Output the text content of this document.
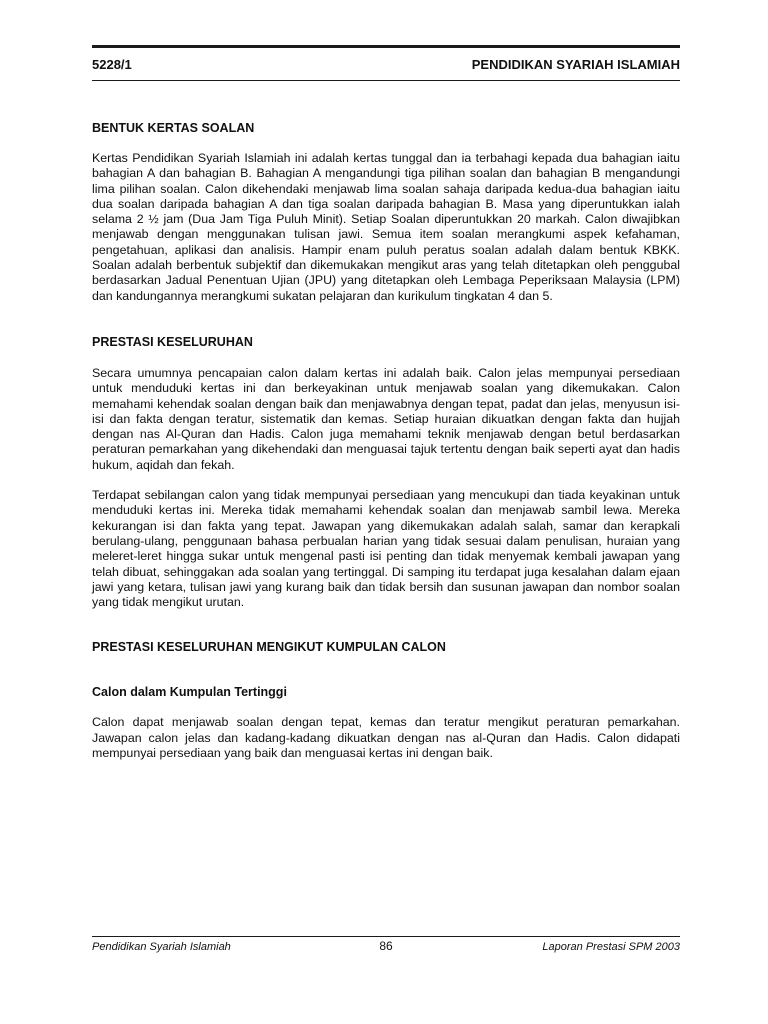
5228/1	PENDIDIKAN SYARIAH ISLAMIAH
BENTUK KERTAS SOALAN

Kertas Pendidikan Syariah Islamiah ini adalah kertas tunggal dan ia terbahagi kepada dua bahagian iaitu bahagian A dan bahagian B. Bahagian A mengandungi tiga pilihan soalan dan bahagian B mengandungi lima pilihan soalan. Calon dikehendaki menjawab lima soalan sahaja daripada kedua-dua bahagian iaitu dua soalan daripada bahagian A dan tiga soalan daripada bahagian B. Masa yang diperuntukkan ialah selama 2 ½ jam (Dua Jam Tiga Puluh Minit). Setiap Soalan diperuntukkan 20 markah. Calon diwajibkan menjawab dengan menggunakan tulisan jawi. Semua item soalan merangkumi aspek kefahaman, pengetahuan, aplikasi dan analisis. Hampir enam puluh peratus soalan adalah dalam bentuk KBKK. Soalan adalah berbentuk subjektif dan dikemukakan mengikut aras yang telah ditetapkan oleh penggubal berdasarkan Jadual Penentuan Ujian (JPU) yang ditetapkan oleh Lembaga Peperiksaan Malaysia (LPM) dan kandungannya merangkumi sukatan pelajaran dan kurikulum tingkatan 4 dan 5.

PRESTASI KESELURUHAN

Secara umumnya pencapaian calon dalam kertas ini adalah baik. Calon jelas mempunyai persediaan untuk menduduki kertas ini dan berkeyakinan untuk menjawab soalan yang dikemukakan. Calon memahami kehendak soalan dengan baik dan menjawabnya dengan tepat, padat dan jelas, menyusun isi-isi dan fakta dengan teratur, sistematik dan kemas. Setiap huraian dikuatkan dengan fakta dan hujjah dengan nas Al-Quran dan Hadis. Calon juga memahami teknik menjawab dengan betul berdasarkan peraturan pemarkahan yang dikehendaki dan menguasai tajuk tertentu dengan baik seperti ayat dan hadis hukum, aqidah dan fekah.

Terdapat sebilangan calon yang tidak mempunyai persediaan yang mencukupi dan tiada keyakinan untuk menduduki kertas ini. Mereka tidak memahami kehendak soalan dan menjawab sambil lewa. Mereka kekurangan isi dan fakta yang tepat. Jawapan yang dikemukakan adalah salah, samar dan kerapkali berulang-ulang, penggunaan bahasa perbualan harian yang tidak sesuai dalam penulisan, huraian yang meleret-leret hingga sukar untuk mengenal pasti isi penting dan tidak menyemak kembali jawapan yang telah dibuat, sehinggakan ada soalan yang tertinggal. Di samping itu terdapat juga kesalahan dalam ejaan jawi yang ketara, tulisan jawi yang kurang baik dan tidak bersih dan susunan jawapan dan nombor soalan yang tidak mengikut urutan.

PRESTASI KESELURUHAN MENGIKUT KUMPULAN CALON
Calon dalam Kumpulan Tertinggi

Calon dapat menjawab soalan dengan tepat, kemas dan teratur mengikut peraturan pemarkahan. Jawapan calon jelas dan kadang-kadang dikuatkan dengan nas al-Quran dan Hadis. Calon didapati mempunyai persediaan yang baik dan menguasai kertas ini dengan baik.

Pendidikan Syariah Islamiah	86	Laporan Prestasi SPM 2003
